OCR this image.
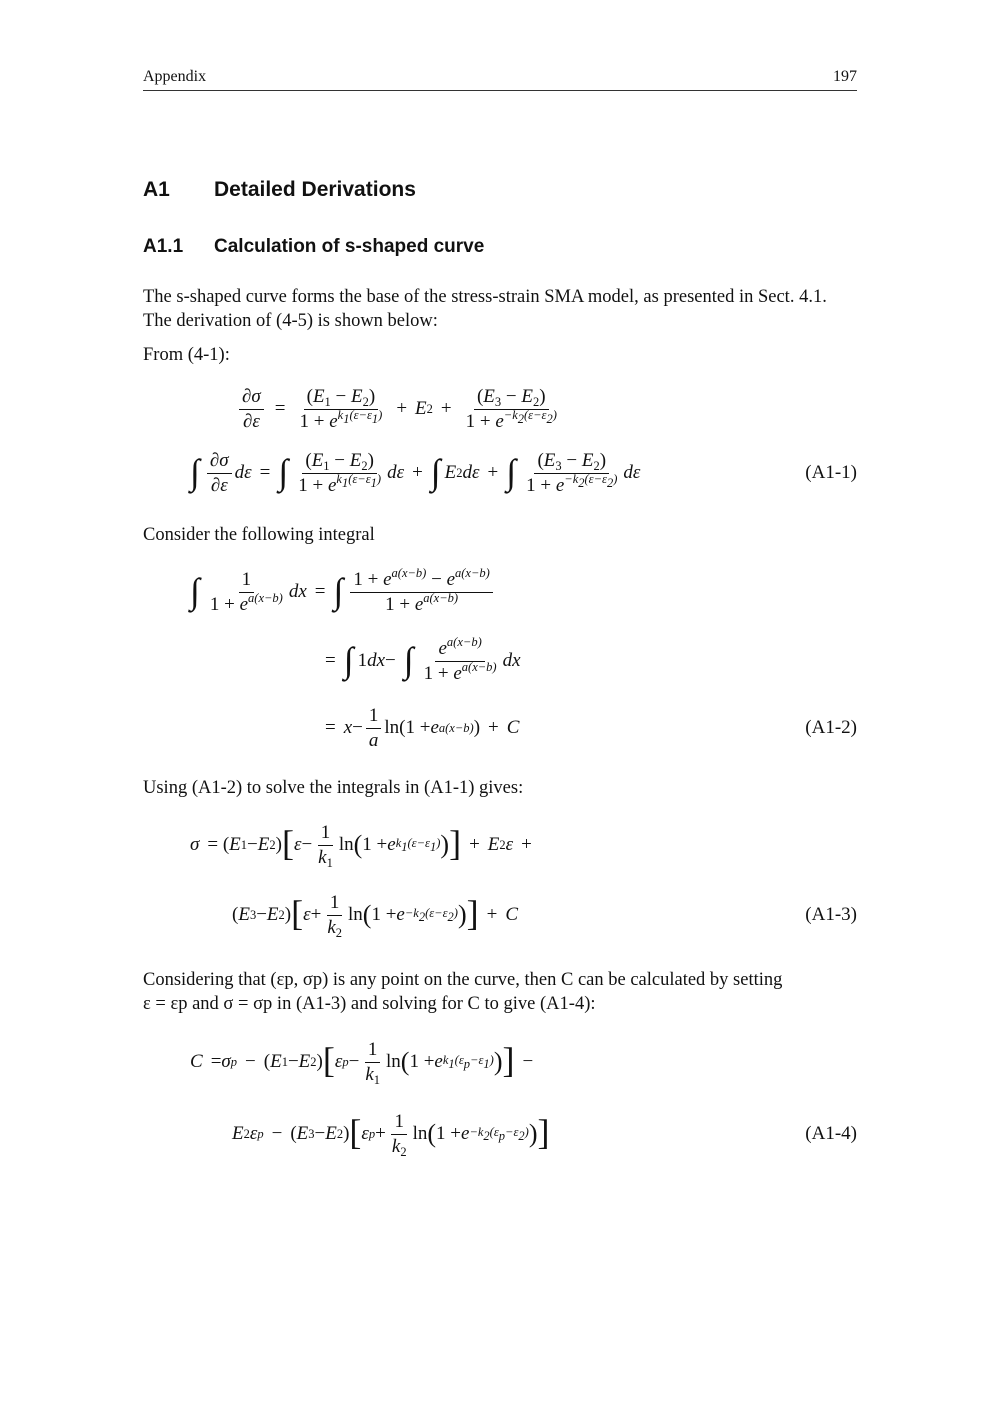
Appendix	197
A1 Detailed Derivations
A1.1 Calculation of s-shaped curve
The s-shaped curve forms the base of the stress-strain SMA model, as presented in Sect. 4.1.
The derivation of (4-5) is shown below:
From (4-1):
$\frac{\partial\sigma}{\partial\varepsilon} = \frac{(E_1 - E_2)}{1 + e^{k_1(\varepsilon-\varepsilon_1)}} + E$ $2 + \frac{(E_3 - E_2)}{1 + e^{-k_2(\varepsilon-\varepsilon_2)}}$
∫ $\frac{\partial\sigma}{\partial\varepsilon}$ dε = ∫ $\frac{(E_1 - E_2)}{1 + e^{k_1(\varepsilon-\varepsilon_1)}}$ dε + ∫ E 2 dε + ∫ $\frac{(E_3 - E_2)}{1 + e^{-k_2(\varepsilon-\varepsilon_2)}}$ dε	(A1-1)
Consider the following integral
∫ $\frac{1}{1 + e^{a(x-b)}}$ dx = ∫ $\frac{1 + e^{a(x-b)} - e^{a(x-b)}}{1 + e^{a(x-b)}}$
= ∫ 1 dx − ∫ $\frac{e^{a(x-b)}}{1 + e^{a(x-b)}}$ dx
= $x - \frac{1}{a} \ln(1 + e$ a(x−b) ) + C	(A1-2)
Using (A1-2) to solve the integrals in (A1-1) gives:
σ = ( E 1 − E 2 ) [ $\varepsilon - \frac{1}{k_1}$ ln ( 1 + e $k_1(\varepsilon-\varepsilon_1)$ ) ] + E 2 ε +
( E 3 − E 2 ) [ $\varepsilon + \frac{1}{k_2}$ ln ( $1 + e -k_2(\varepsilon-\varepsilon_2)$ ) ] + C	(A1-3)
Considering that (εp, σp) is any point on the curve, then C can be calculated by setting
ε = εp and σ = σp in (A1-3) and solving for C to give (A1-4):
C = σ p − ( E 1 − E 2 ) [ ε $p - \frac{1}{k_1}$ ln ( 1 + e $k_1(\varepsilon_p-\varepsilon_1)$ ) ] −
E 2 ε p − ( E 3 − E 2 ) [ ε $p + \frac{1}{k_2}$ ln ( $1 + e -k_2(\varepsilon_p-\varepsilon_2)$ ) ]	(A1-4)
